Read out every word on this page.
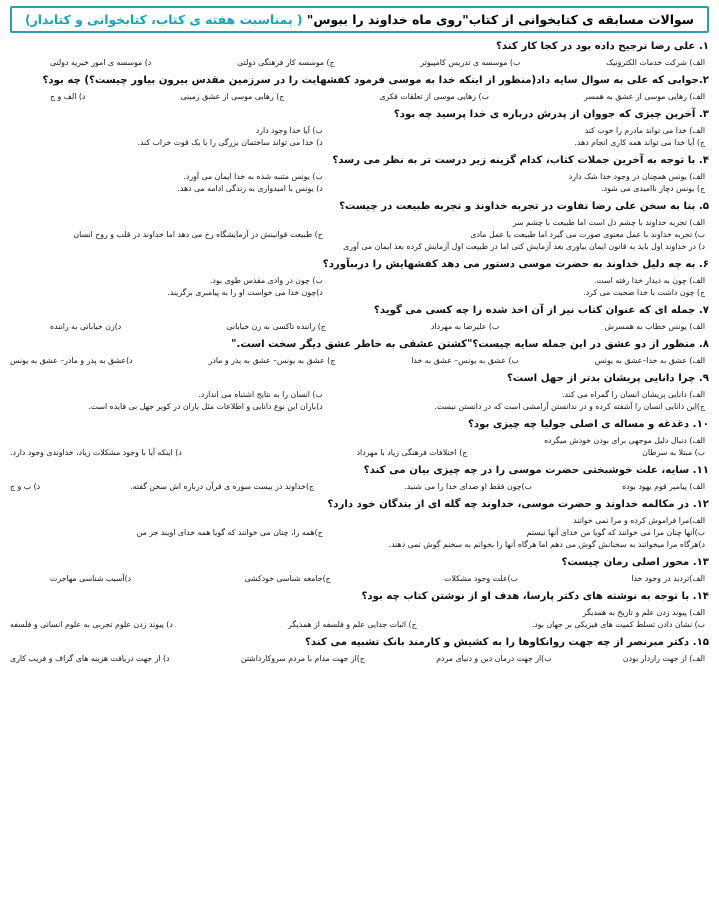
سوالات مسابقه ی کتابخوانی از کتاب"روی ماه خداوند را ببوس" ( بمناسبت هفته ی کتاب، کتابخوانی و کتابدار)
۱. علی رضا ترجیح داده بود در کجا کار کند؟
الف) شرکت خدمات الکترونیک
ب) موسسه ی تدریس کامپیوتر
ج) موسسه کار فرهنگی دولتی
د) موسسه ی امور خیریه دولتی
۲.جوابی که علی به سوال سایه داد(منظور از اینکه خدا به موسی فرمود کفشهایت را در سرزمین مقدس بیرون بیاور چیست؟) چه بود؟
الف) رهایی موسی از عشق به همسر
ب) رهایی موسی از تعلقات فکری
ج) رهایی موسی از عشق زمینی
د) الف و ج
۳. آخرین چیزی که جووان از پدرش درباره ی خدا پرسید چه بود؟
الف) خدا می تواند مادرم را خوب کند
ب) آیا خدا وجود دارد
ج) آیا خدا می تواند همه کاری انجام دهد.
د) خدا می تواند ساختمان بزرگی را با یک قوت خراب کند.
۴. با توجه به آخرین جملات کتاب، کدام گزینه زیر درست تر به نظر می رسد؟
الف) یونس همچنان در وجود خدا شک دارد
ب) یونس متنبه شده به خدا ایمان می آورد.
ج) یونس دچار ناامیدی می شود.
د) یونس با امیدواری به زندگی ادامه می دهد.
۵. بنا به سخن علی رضا تفاوت در تجربه خداوند و تجربه طبیعت در چیست؟
الف) تجربه خداوند با چشم دل است اما طبیعت با چشم سر
ب) تجربه خداوند با عمل معنوی صورت می گیرد اما طبیعت با عمل مادی
ج) طبیعت قوانینش در آزمایشگاه رخ می دهد اما خداوند در قلب و روح انسان
د) در خداوند اول باید به قانون ایمان بیاوری بعد آزمایش کنی اما در طبیعت اول آزمایش کرده بعد ایمان می آوری
۶. به چه دلیل خداوند به حضرت موسی دستور می دهد کفشهایش را درببآورد؟
الف) چون به دیدار خدا رفته است.
ب) چون در وادی مقدس طوی بود.
ج) چون داشت با خدا صحبت می کرد.
د)چون خدا می خواست او را به پیامبری برگزیند.
۷. جمله ای که عنوان کتاب نیز از آن اخذ شده را چه کسی می گوید؟
الف) یونس خطاب به همسرش
ب) علیرضا به مهرداد
ج) راننده تاکسی به زن خیابانی
د)زن خیابانی به راننده
۸. منظور از دو عشق در این جمله سایه چیست؟"کشتن عشقی به خاطر عشق دیگر سخت است."
الف) عشق به خدا–عشق به یونس
ب) عشق به یونس– عشق به خدا
ج) عشق به یونس– عشق به پدر و مادر
د)عشق به پدر و مادر– عشق به یونس
۹. چرا دانایی پریشان بدتر از جهل است؟
الف) دانایی پریشان انسان را گمراه می کند.
ب) انسان را به نتایج اشتباه می اندازد.
ج)این دانایی انسان را آشفته کرده و در ندانستن آرامشی است که در دانستن نیست.
د)باران این نوع دانایی و اطلاعات مثل باران در کویر جهل بی فایده است.
۱۰. دغدغه و مساله ی اصلی جولیا چه چیزی بود؟
الف) دنبال دلیل موجهی برای بودن خودش میگرده
ب) مبتلا به سرطان
ج) اختلافات فرهنگی زیاد با مهرداد
د) اینکه آیا با وجود مشکلات زیاد، خداوندی وجود دارد.
۱۱. سایه، علت خوشبختی حضرت موسی را در چه چیزی بیان می کند؟
الف) پیامبر قوم یهود بوده
ب)چون فقط او صدای خدا را می شنید.
ج)خداوند در بیست سوره ی قرآن درباره اش سخن گفته.
د) ب و ج
۱۲. در مکالمه خداوند و حضرت موسی، خداوند چه گله ای از بندگان خود دارد؟
الف)مرا فراموش کرده و مرا نمی خوانند
ب)آنها چنان مرا می خوانند که گویا من خدای آنها نیستم
ج)همه را، چنان می خوانند که گویا همه خدای اویند جز من
د)هرگاه مرا میخوانند به سخنانش گوش می دهم اما هرگاه آنها را بخوانم به سخنم گوش نمی دهند.
۱۳. محور اصلی رمان چیست؟
الف)تردید در وجود خدا
ب)علت وجود مشکلات
ج)جامعه شناسی خودکشی
د)آسیب شناسی مهاجرت
۱۴. با توجه به نوشته های دکتر پارسا، هدف او از نوشتن کتاب چه بود؟
الف) پیوند زدن علم و تاریخ به همدیگر
ب) نشان دادن تسلط کمیت های فیزیکی بر جهان بود.
ج) اثبات جدایی علم و فلسفه از همدیگر
د) پیوند زدن علوم تجربی به علوم انسانی و فلسفه
۱۵. دکتر مبرنصر از چه جهت روانکاوها را به کشیش و کارمند بانک تشبیه می کند؟
الف) از جهت رازدار بودن
ب)از جهت درمان دین و دنیای مردم
ج)از جهت مدام با مردم سروکارداشتن
د) از جهت دریافت هزینه های گزاف و فریب کاری
